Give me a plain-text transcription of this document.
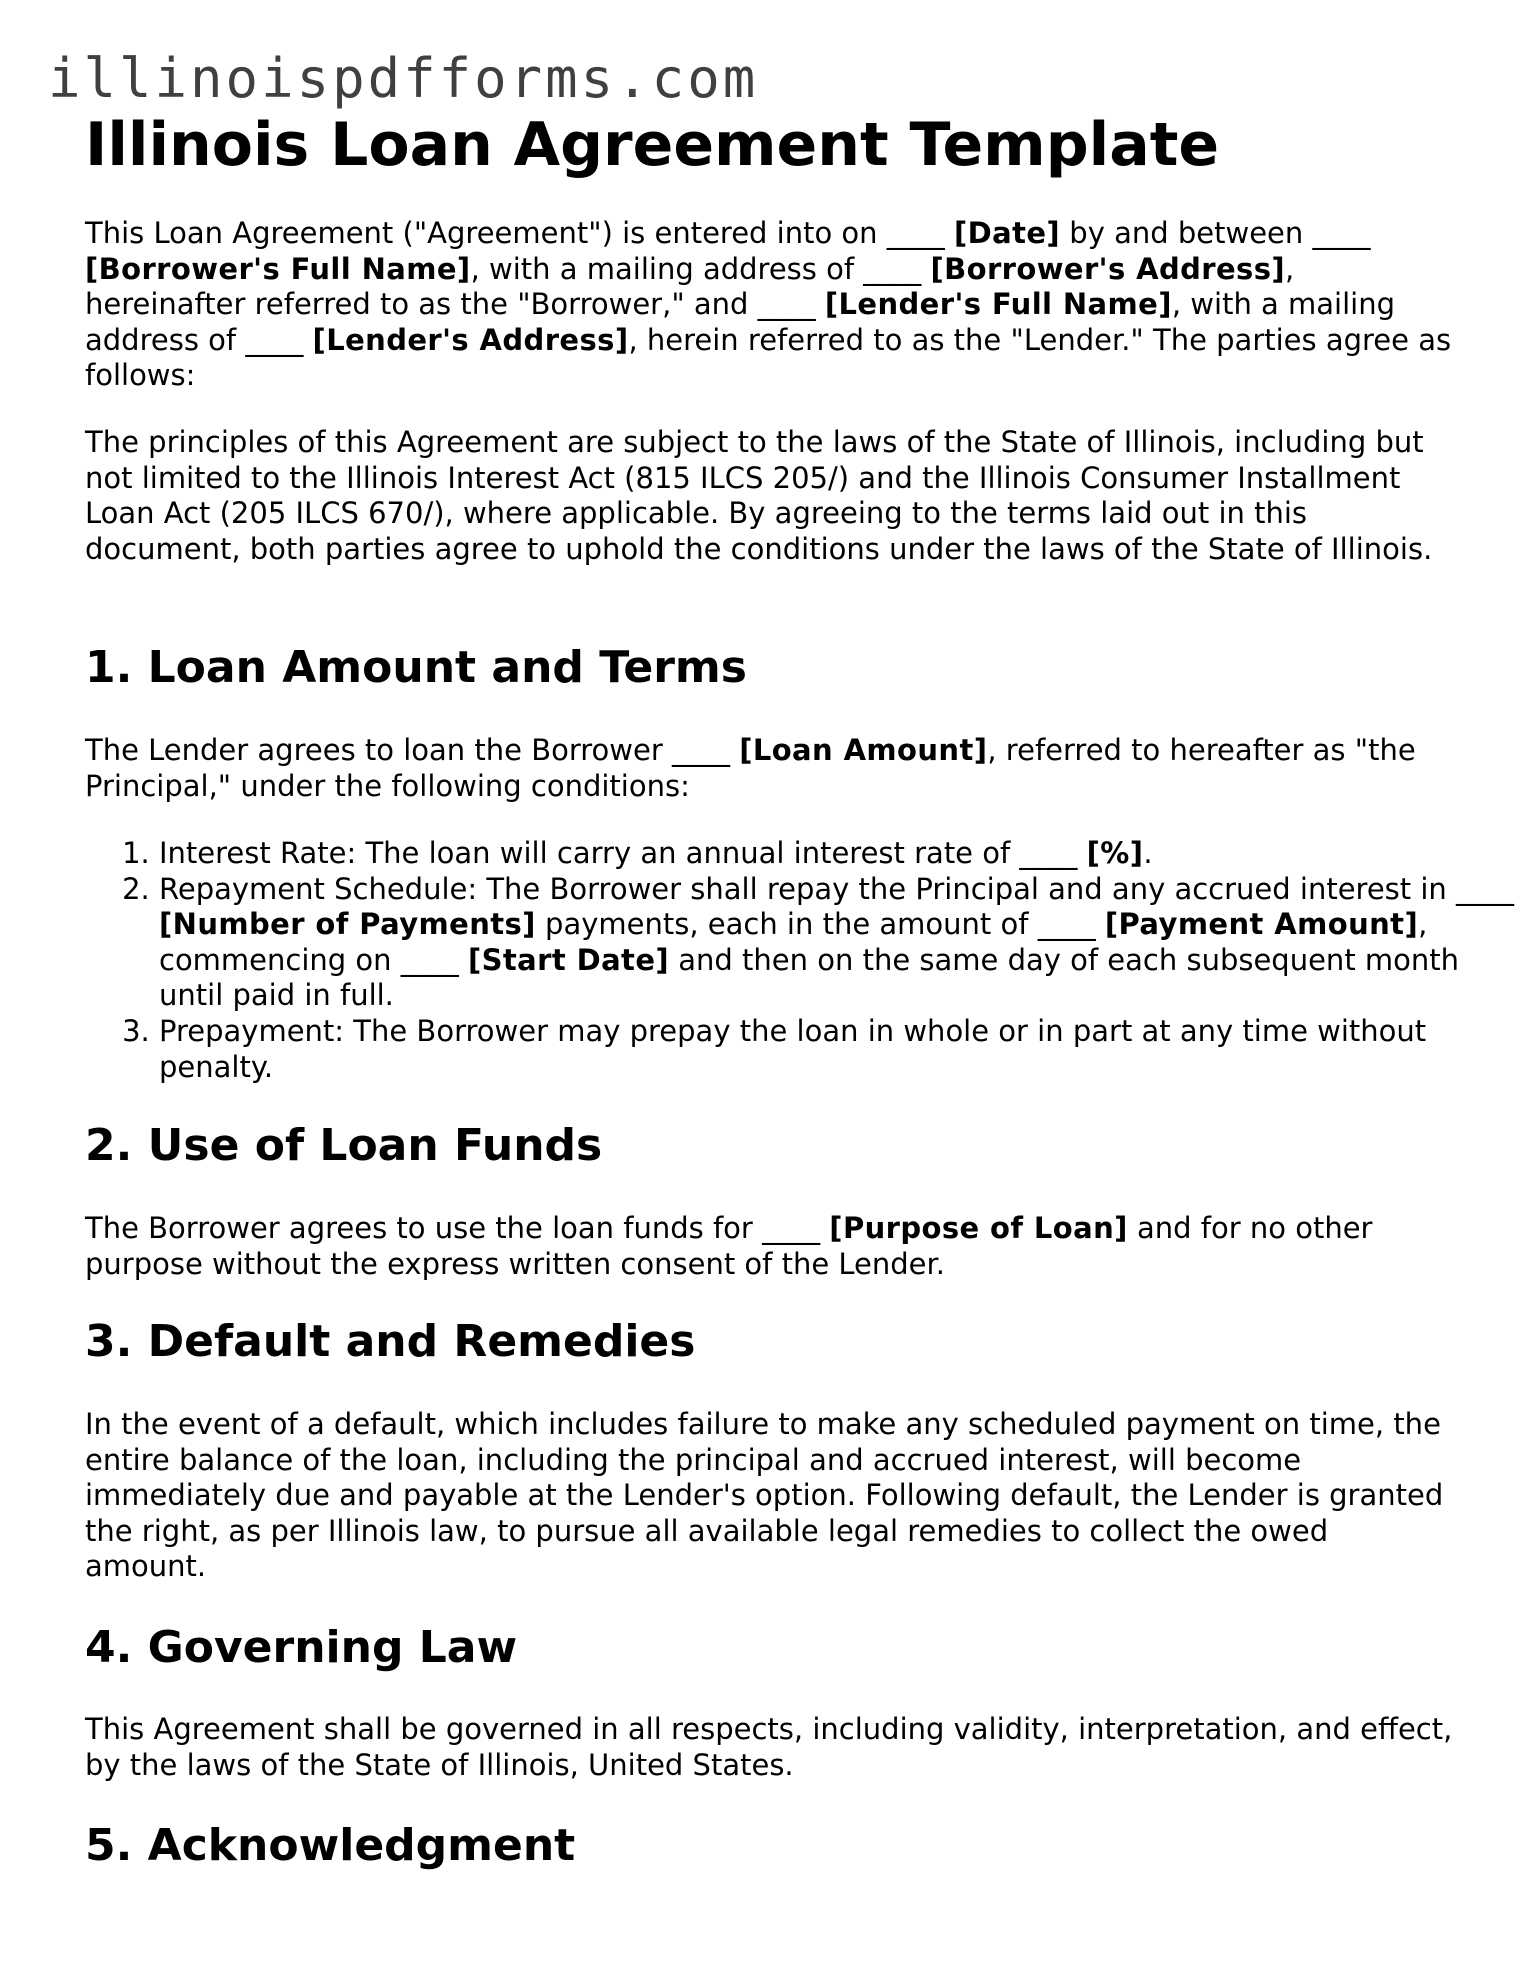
illinoispdfforms.com
Illinois Loan Agreement Template

This Loan Agreement ("Agreement") is entered into on ____ [Date] by and between ____ [Borrower's Full Name], with a mailing address of ____ [Borrower's Address], hereinafter referred to as the "Borrower," and ____ [Lender's Full Name], with a mailing address of ____ [Lender's Address], herein referred to as the "Lender." The parties agree as follows:

The principles of this Agreement are subject to the laws of the State of Illinois, including but not limited to the Illinois Interest Act (815 ILCS 205/) and the Illinois Consumer Installment Loan Act (205 ILCS 670/), where applicable. By agreeing to the terms laid out in this document, both parties agree to uphold the conditions under the laws of the State of Illinois.

1. Loan Amount and Terms

The Lender agrees to loan the Borrower ____ [Loan Amount], referred to hereafter as "the Principal," under the following conditions:

1. Interest Rate: The loan will carry an annual interest rate of ____ [%].
2. Repayment Schedule: The Borrower shall repay the Principal and any accrued interest in ____ [Number of Payments] payments, each in the amount of ____ [Payment Amount], commencing on ____ [Start Date] and then on the same day of each subsequent month until paid in full.
3. Prepayment: The Borrower may prepay the loan in whole or in part at any time without penalty.
2. Use of Loan Funds

The Borrower agrees to use the loan funds for ____ [Purpose of Loan] and for no other purpose without the express written consent of the Lender.

3. Default and Remedies

In the event of a default, which includes failure to make any scheduled payment on time, the entire balance of the loan, including the principal and accrued interest, will become immediately due and payable at the Lender's option. Following default, the Lender is granted the right, as per Illinois law, to pursue all available legal remedies to collect the owed amount.

4. Governing Law

This Agreement shall be governed in all respects, including validity, interpretation, and effect, by the laws of the State of Illinois, United States.

5. Acknowledgment
